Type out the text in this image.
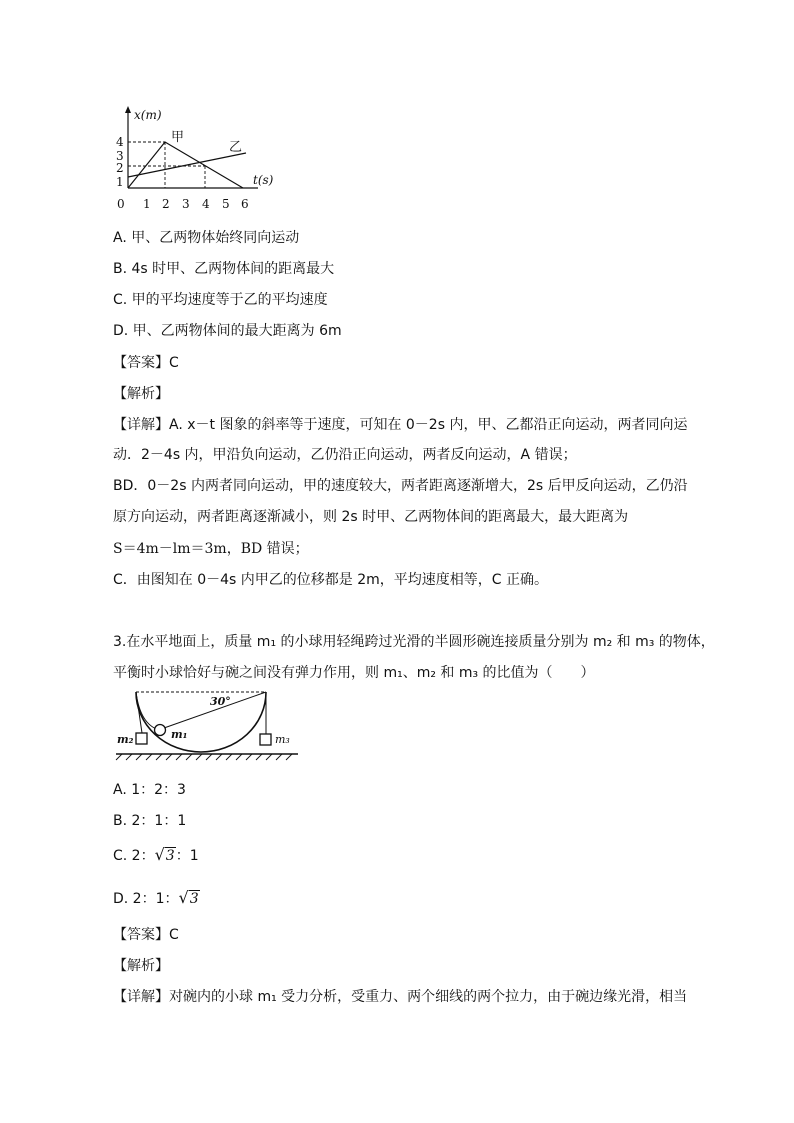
x(m)
t(s)
甲
乙
0 1 2 3 4 5 6
1
2
3
4
A. 甲、乙两物体始终同向运动
B. 4s 时甲、乙两物体间的距离最大
C. 甲的平均速度等于乙的平均速度
D. 甲、乙两物体间的最大距离为 6m
【答案】C
【解析】
【详解】A. x－t 图象的斜率等于速度，可知在 0－2s 内，甲、乙都沿正向运动，两者同向运
动．2－4s 内，甲沿负向运动，乙仍沿正向运动，两者反向运动，A 错误；
BD．0－2s 内两者同向运动，甲的速度较大，两者距离逐渐增大，2s 后甲反向运动，乙仍沿
原方向运动，两者距离逐渐减小，则 2s 时甲、乙两物体间的距离最大，最大距离为
S＝4m－lm＝3m，BD 错误；
C．由图知在 0－4s 内甲乙的位移都是 2m，平均速度相等，C 正确。
3.在水平地面上，质量 m₁ 的小球用轻绳跨过光滑的半圆形碗连接质量分别为 m₂ 和 m₃ 的物体，
平衡时小球恰好与碗之间没有弹力作用，则 m₁、m₂ 和 m₃ 的比值为（　　）
30°
m₁
m₂	m₃
A. 1：2：3
B. 2：1：1
C. 2：√3：1
D. 2：1：√3
【答案】C
【解析】
【详解】对碗内的小球 m₁ 受力分析，受重力、两个细线的两个拉力，由于碗边缘光滑，相当
